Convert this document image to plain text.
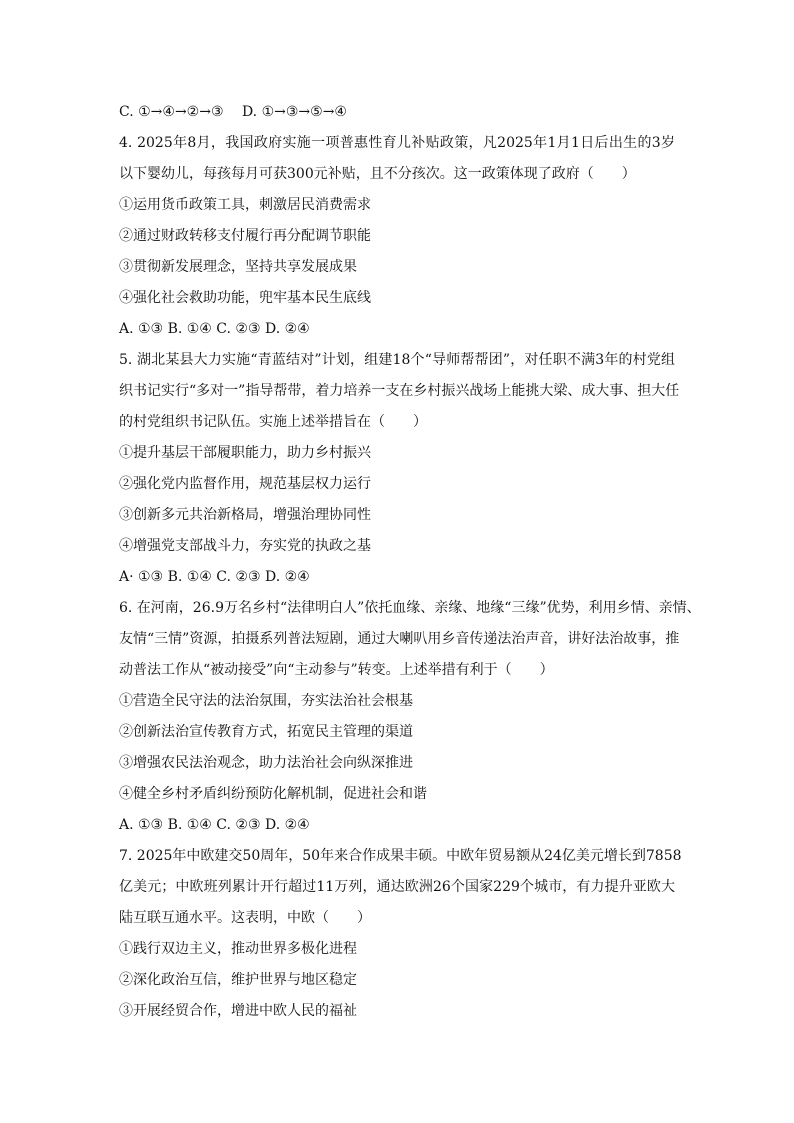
C. ①→④→②→③　 D. ①→③→⑤→④
4. 2025年8月，我国政府实施一项普惠性育儿补贴政策，凡2025年1月1日后出生的3岁
以下婴幼儿，每孩每月可获300元补贴，且不分孩次。这一政策体现了政府（　　）
①运用货币政策工具，刺激居民消费需求
②通过财政转移支付履行再分配调节职能
③贯彻新发展理念，坚持共享发展成果
④强化社会救助功能，兜牢基本民生底线
A. ①③ B. ①④ C. ②③ D. ②④
5. 湖北某县大力实施“青蓝结对”计划，组建18个“导师帮帮团”，对任职不满3年的村党组
织书记实行“多对一”指导帮带，着力培养一支在乡村振兴战场上能挑大梁、成大事、担大任
的村党组织书记队伍。实施上述举措旨在（　　）
①提升基层干部履职能力，助力乡村振兴
②强化党内监督作用，规范基层权力运行
③创新多元共治新格局，增强治理协同性
④增强党支部战斗力，夯实党的执政之基
A· ①③ B. ①④ C. ②③ D. ②④
6. 在河南，26.9万名乡村“法律明白人”依托血缘、亲缘、地缘“三缘”优势，利用乡情、亲情、
友情“三情”资源，拍摄系列普法短剧，通过大喇叭用乡音传递法治声音，讲好法治故事，推
动普法工作从“被动接受”向“主动参与”转变。上述举措有利于（　　）
①营造全民守法的法治氛围，夯实法治社会根基
②创新法治宣传教育方式，拓宽民主管理的渠道
③增强农民法治观念，助力法治社会向纵深推进
④健全乡村矛盾纠纷预防化解机制，促进社会和谐
A. ①③ B. ①④ C. ②③ D. ②④
7. 2025年中欧建交50周年，50年来合作成果丰硕。中欧年贸易额从24亿美元增长到7858
亿美元；中欧班列累计开行超过11万列，通达欧洲26个国家229个城市，有力提升亚欧大
陆互联互通水平。这表明，中欧（　　）
①践行双边主义，推动世界多极化进程
②深化政治互信，维护世界与地区稳定
③开展经贸合作，增进中欧人民的福祉
